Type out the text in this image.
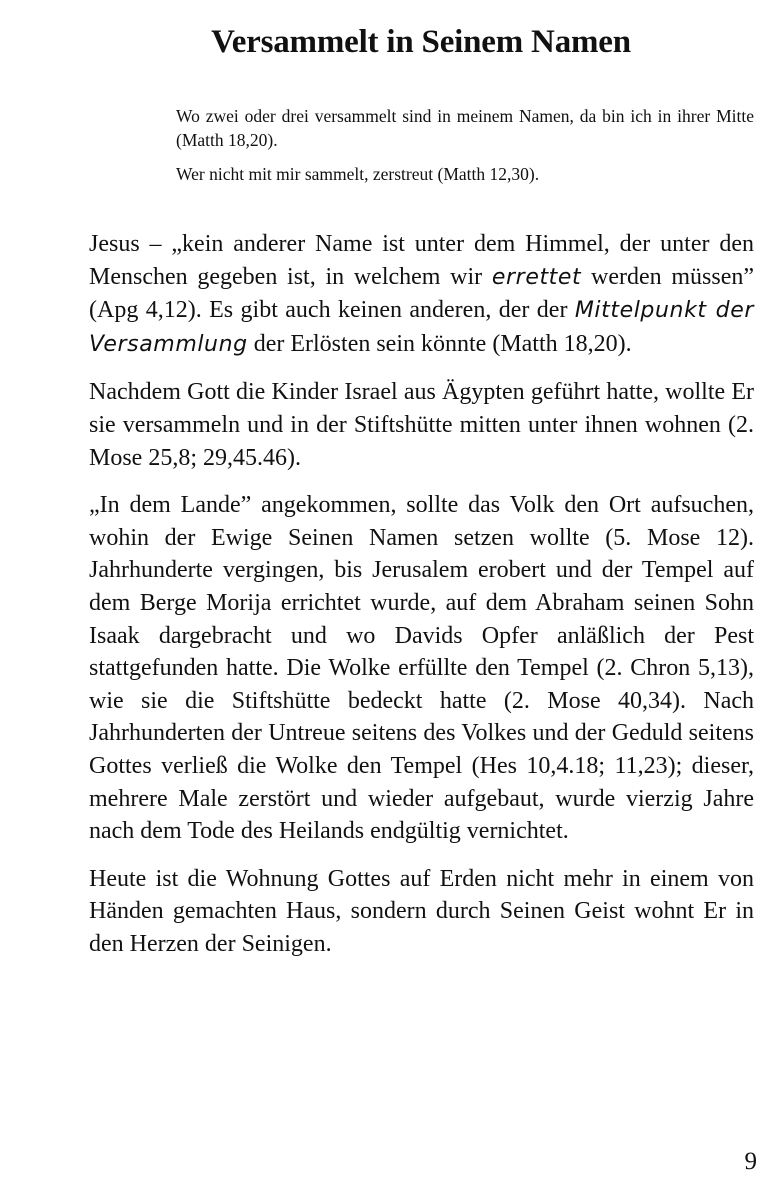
Versammelt in Seinem Namen

Wo zwei oder drei versammelt sind in meinem Namen, da bin ich in ihrer Mitte (Matth 18,20).

Wer nicht mit mir sammelt, zerstreut (Matth 12,30).

Jesus – „kein anderer Name ist unter dem Himmel, der unter den Menschen gegeben ist, in welchem wir errettet werden müssen” (Apg 4,12). Es gibt auch keinen anderen, der der Mittelpunkt der Versammlung der Erlösten sein könnte (Matth 18,20).

Nachdem Gott die Kinder Israel aus Ägypten geführt hatte, wollte Er sie versammeln und in der Stiftshütte mitten unter ihnen wohnen (2. Mose 25,8; 29,45.46).

„In dem Lande” angekommen, sollte das Volk den Ort aufsuchen, wohin der Ewige Seinen Namen setzen wollte (5. Mose 12). Jahrhunderte vergingen, bis Jerusalem erobert und der Tempel auf dem Berge Morija errichtet wurde, auf dem Abraham seinen Sohn Isaak dargebracht und wo Davids Opfer anläßlich der Pest stattgefunden hatte. Die Wolke erfüllte den Tempel (2. Chron 5,13), wie sie die Stiftshütte bedeckt hatte (2. Mose 40,34). Nach Jahrhunderten der Untreue seitens des Volkes und der Geduld seitens Gottes verließ die Wolke den Tempel (Hes 10,4.18; 11,23); dieser, mehrere Male zerstört und wieder aufgebaut, wurde vierzig Jahre nach dem Tode des Heilands endgültig vernichtet.

Heute ist die Wohnung Gottes auf Erden nicht mehr in einem von Händen gemachten Haus, sondern durch Seinen Geist wohnt Er in den Herzen der Seinigen.

9
